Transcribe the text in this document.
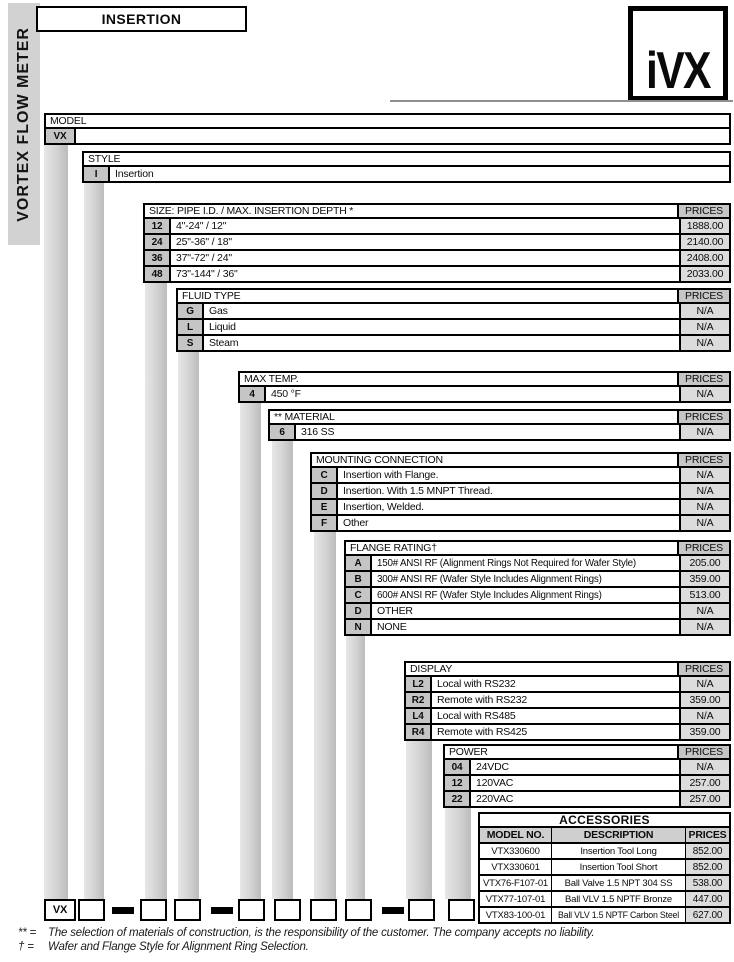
VORTEX FLOW METER
INSERTION
iVX
MODEL
VX
STYLE
I	Insertion
SIZE: PIPE I.D. / MAX. INSERTION DEPTH *	PRICES
12	4"-24" / 12"	1888.00
24	25"-36" / 18"	2140.00
36	37"-72" / 24"	2408.00
48	73"-144" / 36"	2033.00
FLUID TYPE	PRICES
G	Gas	N/A
L	Liquid	N/A
S	Steam	N/A
MAX TEMP.	PRICES
4	450 °F	N/A
** MATERIAL	PRICES
6	316 SS	N/A
MOUNTING CONNECTION	PRICES
C	Insertion with Flange.	N/A
D	Insertion. With 1.5 MNPT Thread.	N/A
E	Insertion, Welded.	N/A
F	Other	N/A
FLANGE RATING†	PRICES
A	150# ANSI RF (Alignment Rings Not Required for Wafer Style)	205.00
B	300# ANSI RF (Wafer Style Includes Alignment Rings)	359.00
C	600# ANSI RF (Wafer Style Includes Alignment Rings)	513.00
D	OTHER	N/A
N	NONE	N/A
DISPLAY	PRICES
L2	Local with RS232	N/A
R2	Remote with RS232	359.00
L4	Local with RS485	N/A
R4	Remote with RS425	359.00
POWER	PRICES
04	24VDC	N/A
12	120VAC	257.00
22	220VAC	257.00
ACCESSORIES
MODEL NO.	DESCRIPTION	PRICES
VTX330600	Insertion Tool Long	852.00
VTX330601	Insertion Tool Short	852.00
VTX76-F107-01	Ball Valve 1.5 NPT 304 SS	538.00
VTX77-107-01	Ball VLV 1.5 NPTF Bronze	447.00
VTX83-100-01	Ball VLV 1.5 NPTF Carbon Steel	627.00
VX
** =	The selection of materials of construction, is the responsibility of the customer. The company accepts no liability.
† =	Wafer and Flange Style for Alignment Ring Selection.
